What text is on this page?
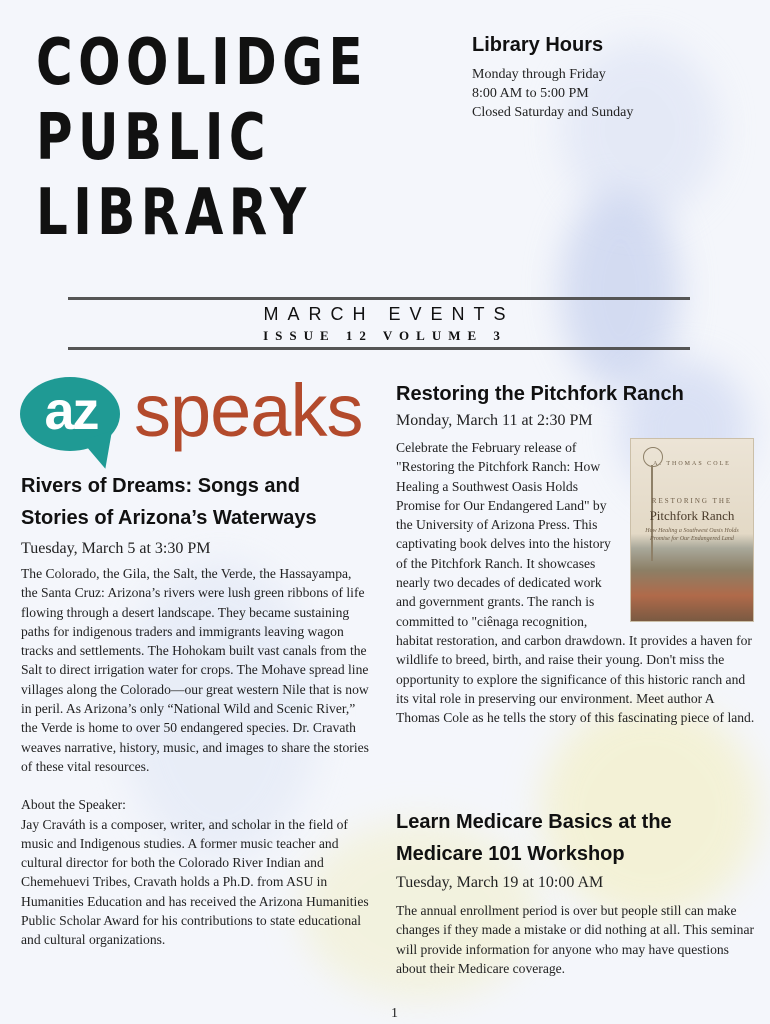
COOLIDGE
PUBLIC
LIBRARY
Library Hours

Monday through Friday

8:00 AM to 5:00 PM

Closed Saturday and Sunday

MARCH EVENTS
ISSUE 12 VOLUME 3
az speaks
Rivers of Dreams: Songs and Stories of Arizona’s Waterways

Tuesday, March 5 at 3:30 PM

The Colorado, the Gila, the Salt, the Verde, the Hassayampa, the Santa Cruz: Arizona’s rivers were lush green ribbons of life flowing through a desert landscape. They became sustaining paths for indigenous traders and immigrants leaving wagon tracks and settlements. The Hohokam built vast canals from the Salt to direct irrigation water for crops. The Mohave spread line villages along the Colorado—our great western Nile that is now in peril. As Arizona’s only “National Wild and Scenic River,” the Verde is home to over 50 endangered species. Dr. Cravath weaves narrative, history, music, and images to share the stories of these vital resources.

About the Speaker:

Jay Craváth is a composer, writer, and scholar in the field of music and Indigenous studies. A former music teacher and cultural director for both the Colorado River Indian and Chemehuevi Tribes, Cravath holds a Ph.D. from ASU in Humanities Education and has received the Arizona Humanities Public Scholar Award for his contributions to state educational and cultural organizations.

Restoring the Pitchfork Ranch

Monday, March 11 at 2:30 PM

A. THOMAS COLE
RESTORING THE
Pitchfork Ranch
How Healing a Southwest Oasis Holds Promise for Our Endangered Land

Celebrate the February release of "Restoring the Pitchfork Ranch: How Healing a Southwest Oasis Holds Promise for Our Endangered Land" by the University of Arizona Press. This captivating book delves into the history of the Pitchfork Ranch. It showcases nearly two decades of dedicated work and government grants. The ranch is committed to "ciênaga recognition, habitat restoration, and carbon drawdown. It provides a haven for wildlife to breed, birth, and raise their young. Don't miss the opportunity to explore the significance of this historic ranch and its vital role in preserving our environment. Meet author A Thomas Cole as he tells the story of this fascinating piece of land.

Learn Medicare Basics at the Medicare 101 Workshop

Tuesday, March 19 at 10:00 AM

The annual enrollment period is over but people still can make changes if they made a mistake or did nothing at all. This seminar will provide information for anyone who may have questions about their Medicare coverage.

1
